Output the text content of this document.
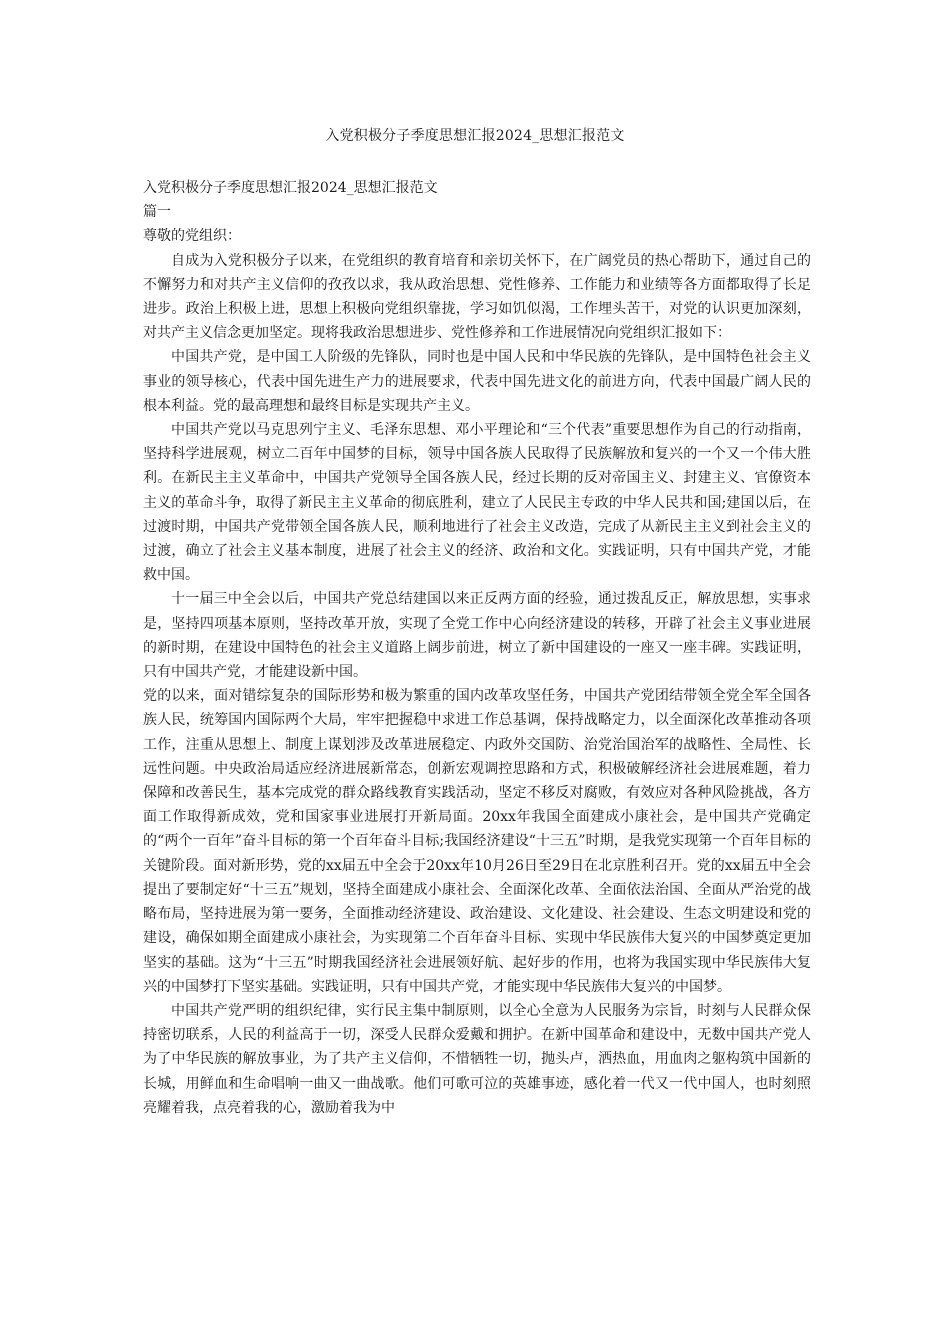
入党积极分子季度思想汇报2024_思想汇报范文

入党积极分子季度思想汇报2024_思想汇报范文

篇一

尊敬的党组织：

自成为入党积极分子以来，在党组织的教育培育和亲切关怀下，在广阔党员的热心帮助下，通过自己的不懈努力和对共产主义信仰的孜孜以求，我从政治思想、党性修养、工作能力和业绩等各方面都取得了长足进步。政治上积极上进，思想上积极向党组织靠拢，学习如饥似渴，工作埋头苦干，对党的认识更加深刻，对共产主义信念更加坚定。现将我政治思想进步、党性修养和工作进展情况向党组织汇报如下：

中国共产党，是中国工人阶级的先锋队，同时也是中国人民和中华民族的先锋队，是中国特色社会主义事业的领导核心，代表中国先进生产力的进展要求，代表中国先进文化的前进方向，代表中国最广阔人民的根本利益。党的最高理想和最终目标是实现共产主义。

中国共产党以马克思列宁主义、毛泽东思想、邓小平理论和“三个代表”重要思想作为自己的行动指南，坚持科学进展观，树立二百年中国梦的目标，领导中国各族人民取得了民族解放和复兴的一个又一个伟大胜利。在新民主主义革命中，中国共产党领导全国各族人民，经过长期的反对帝国主义、封建主义、官僚资本主义的革命斗争，取得了新民主主义革命的彻底胜利，建立了人民民主专政的中华人民共和国;建国以后，在过渡时期，中国共产党带领全国各族人民，顺利地进行了社会主义改造，完成了从新民主主义到社会主义的过渡，确立了社会主义基本制度，进展了社会主义的经济、政治和文化。实践证明，只有中国共产党，才能救中国。

十一届三中全会以后，中国共产党总结建国以来正反两方面的经验，通过拨乱反正，解放思想，实事求是，坚持四项基本原则，坚持改革开放，实现了全党工作中心向经济建设的转移，开辟了社会主义事业进展的新时期，在建设中国特色的社会主义道路上阔步前进，树立了新中国建设的一座又一座丰碑。实践证明，只有中国共产党，才能建设新中国。

党的以来，面对错综复杂的国际形势和极为繁重的国内改革攻坚任务，中国共产党团结带领全党全军全国各族人民，统筹国内国际两个大局，牢牢把握稳中求进工作总基调，保持战略定力，以全面深化改革推动各项工作，注重从思想上、制度上谋划涉及改革进展稳定、内政外交国防、治党治国治军的战略性、全局性、长远性问题。中央政治局适应经济进展新常态，创新宏观调控思路和方式，积极破解经济社会进展难题，着力保障和改善民生，基本完成党的群众路线教育实践活动，坚定不移反对腐败，有效应对各种风险挑战，各方面工作取得新成效，党和国家事业进展打开新局面。20xx年我国全面建成小康社会，是中国共产党确定的“两个一百年”奋斗目标的第一个百年奋斗目标;我国经济建设“十三五”时期，是我党实现第一个百年目标的关键阶段。面对新形势，党的xx届五中全会于20xx年10月26日至29日在北京胜利召开。党的xx届五中全会提出了要制定好“十三五”规划，坚持全面建成小康社会、全面深化改革、全面依法治国、全面从严治党的战略布局，坚持进展为第一要务，全面推动经济建设、政治建设、文化建设、社会建设、生态文明建设和党的建设，确保如期全面建成小康社会，为实现第二个百年奋斗目标、实现中华民族伟大复兴的中国梦奠定更加坚实的基础。这为“十三五”时期我国经济社会进展领好航、起好步的作用，也将为我国实现中华民族伟大复兴的中国梦打下坚实基础。实践证明，只有中国共产党，才能实现中华民族伟大复兴的中国梦。

中国共产党严明的组织纪律，实行民主集中制原则，以全心全意为人民服务为宗旨，时刻与人民群众保持密切联系，人民的利益高于一切，深受人民群众爱戴和拥护。在新中国革命和建设中，无数中国共产党人为了中华民族的解放事业，为了共产主义信仰，不惜牺牲一切，抛头卢，洒热血，用血肉之躯构筑中国新的长城，用鲜血和生命唱响一曲又一曲战歌。他们可歌可泣的英雄事迹，感化着一代又一代中国人，也时刻照亮耀着我，点亮着我的心，激励着我为中
